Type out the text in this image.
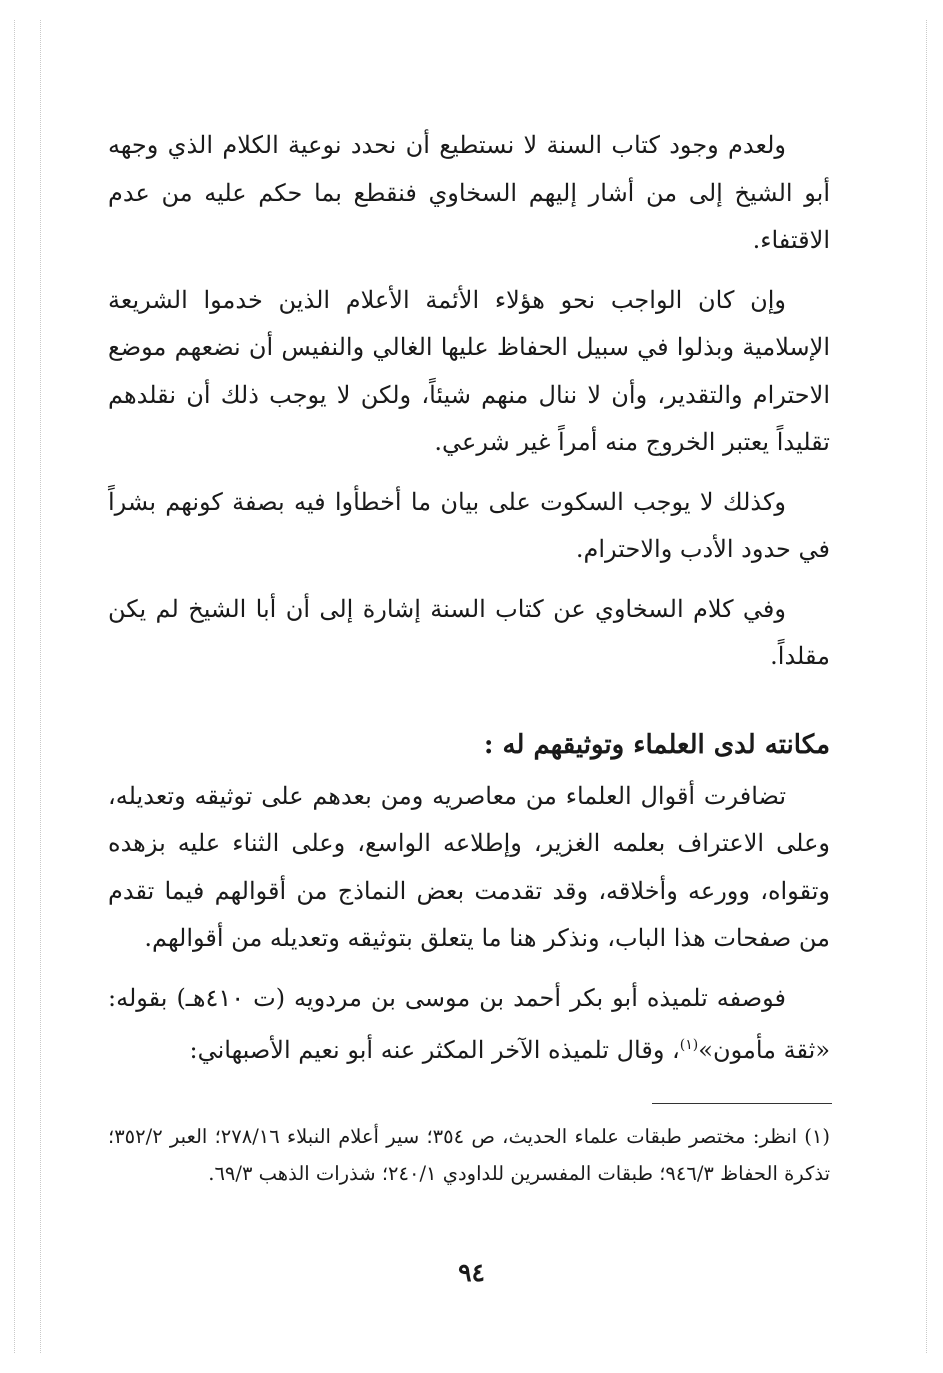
ولعدم وجود كتاب السنة لا نستطيع أن نحدد نوعية الكلام الذي وجهه أبو الشيخ إلى من أشار إليهم السخاوي فنقطع بما حكم عليه من عدم الاقتفاء.

وإن كان الواجب نحو هؤلاء الأئمة الأعلام الذين خدموا الشريعة الإسلامية وبذلوا في سبيل الحفاظ عليها الغالي والنفيس أن نضعهم موضع الاحترام والتقدير، وأن لا ننال منهم شيئاً، ولكن لا يوجب ذلك أن نقلدهم تقليداً يعتبر الخروج منه أمراً غير شرعي.

وكذلك لا يوجب السكوت على بيان ما أخطأوا فيه بصفة كونهم بشراً في حدود الأدب والاحترام.

وفي كلام السخاوي عن كتاب السنة إشارة إلى أن أبا الشيخ لم يكن مقلداً.

مكانته لدى العلماء وتوثيقهم له :

تضافرت أقوال العلماء من معاصريه ومن بعدهم على توثيقه وتعديله، وعلى الاعتراف بعلمه الغزير، وإطلاعه الواسع، وعلى الثناء عليه بزهده وتقواه، وورعه وأخلاقه، وقد تقدمت بعض النماذج من أقوالهم فيما تقدم من صفحات هذا الباب، ونذكر هنا ما يتعلق بتوثيقه وتعديله من أقوالهم.

فوصفه تلميذه أبو بكر أحمد بن موسى بن مردويه (ت ٤١٠هـ) بقوله: «ثقة مأمون»$^{(١)}$، وقال تلميذه الآخر المكثر عنه أبو نعيم الأصبهاني:

(١) انظر: مختصر طبقات علماء الحديث، ص ٣٥٤؛ سير أعلام النبلاء ٢٧٨/١٦؛ العبر ٣٥٢/٢؛ تذكرة الحفاظ ٩٤٦/٣؛ طبقات المفسرين للداودي ٢٤٠/١؛ شذرات الذهب ٦٩/٣.
٩٤
